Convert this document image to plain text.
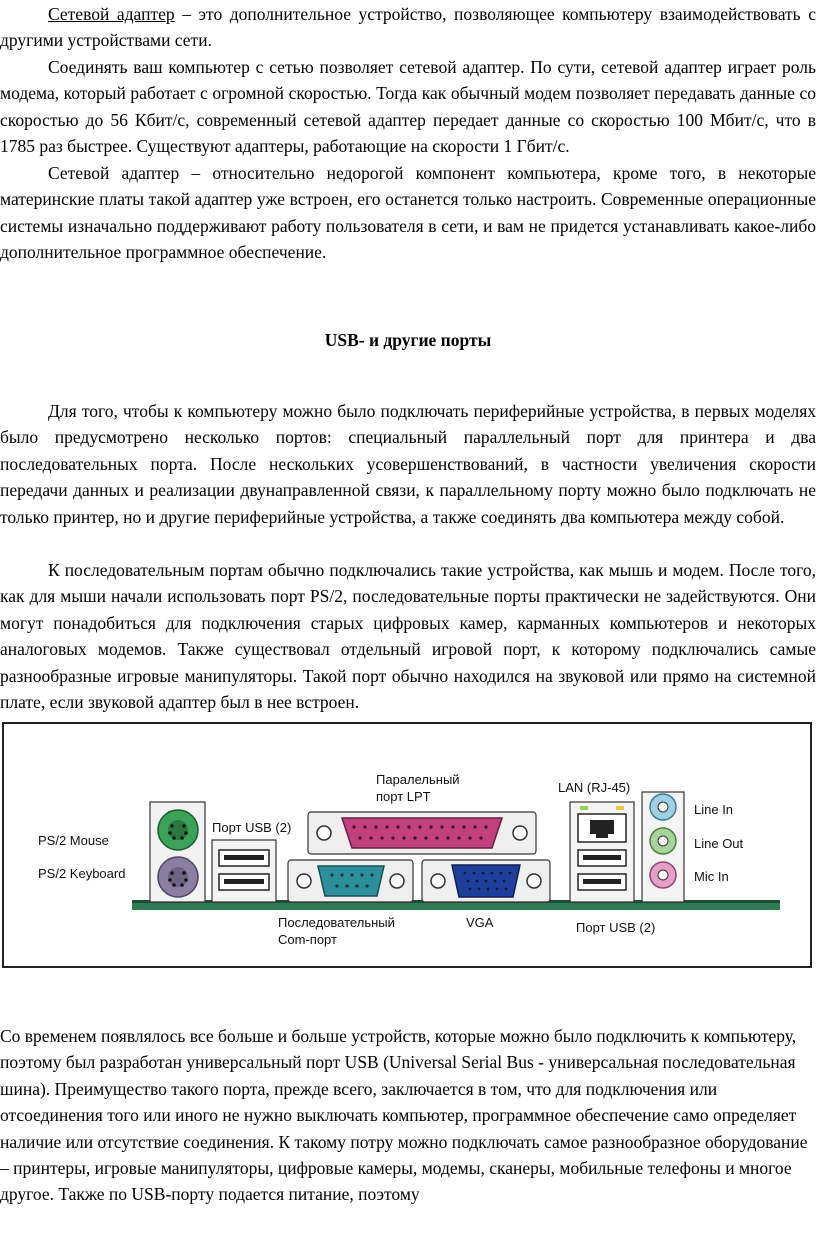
Сетевой адаптер – это дополнительное устройство, позволяющее компьютеру взаимодействовать с другими устройствами сети.

Соединять ваш компьютер с сетью позволяет сетевой адаптер. По сути, сетевой адаптер играет роль модема, который работает с огромной скоростью. Тогда как обычный модем позволяет передавать данные со скоростью до 56 Кбит/с, современный сетевой адаптер передает данные со скоростью 100 Мбит/с, что в 1785 раз быстрее. Существуют адаптеры, работающие на скорости 1 Гбит/с.

Сетевой адаптер – относительно недорогой компонент компьютера, кроме того, в некоторые материнские платы такой адаптер уже встроен, его останется только настроить. Современные операционные системы изначально поддерживают работу пользователя в сети, и вам не придется устанавливать какое-либо дополнительное программное обеспечение.

USB- и другие порты

Для того, чтобы к компьютеру можно было подключать периферийные устройства, в первых моделях было предусмотрено несколько портов: специальный параллельный порт для принтера и два последовательных порта. После нескольких усовершенствований, в частности увеличения скорости передачи данных и реализации двунаправленной связи, к параллельному порту можно было подключать не только принтер, но и другие периферийные устройства, а также соединять два компьютера между собой.

К последовательным портам обычно подключались такие устройства, как мышь и модем. После того, как для мыши начали использовать порт PS/2, последовательные порты практически не задействуются. Они могут понадобиться для подключения старых цифровых камер, карманных компьютеров и некоторых аналоговых модемов. Также существовал отдельный игровой порт, к которому подключались самые разнообразные игровые манипуляторы. Такой порт обычно находился на звуковой или прямо на системной плате, если звуковой адаптер был в нее встроен.

PS/2 Mouse
PS/2 Keyboard
Порт USB (2)
Паралельный
порт LPT
Последовательный
Com-порт
VGA
LAN (RJ-45)
Порт USB (2)
Line In
Line Out
Mic In

Со временем появлялось все больше и больше устройств, которые можно было подключить к компьютеру, поэтому был разработан универсальный порт USB (Universal Serial Bus - универсальная последовательная шина). Преимущество такого порта, прежде всего, заключается в том, что для подключения или отсоединения того или иного не нужно выключать компьютер, программное обеспечение само определяет наличие или отсутствие соединения. К такому потру можно подключать самое разнообразное оборудование – принтеры, игровые манипуляторы, цифровые камеры, модемы, сканеры, мобильные телефоны и многое другое. Также по USB-порту подается питание, поэтому
